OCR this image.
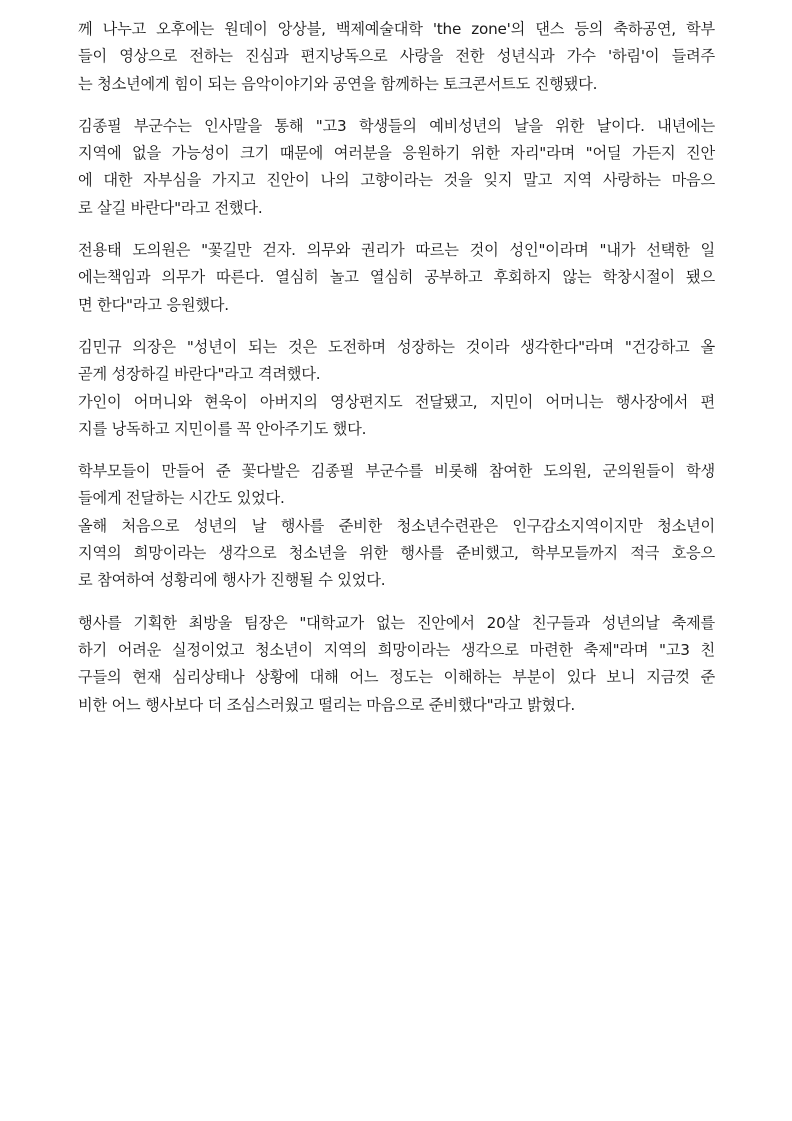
께 나누고 오후에는 원데이 앙상블, 백제예술대학 'the zone'의 댄스 등의 축하공연, 학부
들이 영상으로 전하는 진심과 편지낭독으로 사랑을 전한 성년식과 가수 '하림'이 들려주
는 청소년에게 힘이 되는 음악이야기와 공연을 함께하는 토크콘서트도 진행됐다.
김종필 부군수는 인사말을 통해 "고3 학생들의 예비성년의 날을 위한 날이다. 내년에는
지역에 없을 가능성이 크기 때문에 여러분을 응원하기 위한 자리"라며 "어딜 가든지 진안
에 대한 자부심을 가지고 진안이 나의 고향이라는 것을 잊지 말고 지역 사랑하는 마음으
로 살길 바란다"라고 전했다.
전용태 도의원은 "꽃길만 걷자. 의무와 권리가 따르는 것이 성인"이라며 "내가 선택한 일
에는책임과 의무가 따른다. 열심히 놀고 열심히 공부하고 후회하지 않는 학창시절이 됐으
면 한다"라고 응원했다.
김민규 의장은 "성년이 되는 것은 도전하며 성장하는 것이라 생각한다"라며 "건강하고 올
곧게 성장하길 바란다"라고 격려했다.
가인이 어머니와 현욱이 아버지의 영상편지도 전달됐고, 지민이 어머니는 행사장에서 편
지를 낭독하고 지민이를 꼭 안아주기도 했다.
학부모들이 만들어 준 꽃다발은 김종필 부군수를 비롯해 참여한 도의원, 군의원들이 학생
들에게 전달하는 시간도 있었다.
올해 처음으로 성년의 날 행사를 준비한 청소년수련관은 인구감소지역이지만 청소년이
지역의 희망이라는 생각으로 청소년을 위한 행사를 준비했고, 학부모들까지 적극 호응으
로 참여하여 성황리에 행사가 진행될 수 있었다.
행사를 기획한 최방울 팀장은 "대학교가 없는 진안에서 20살 친구들과 성년의날 축제를
하기 어려운 실정이었고 청소년이 지역의 희망이라는 생각으로 마련한 축제"라며 "고3 친
구들의 현재 심리상태나 상황에 대해 어느 정도는 이해하는 부분이 있다 보니 지금껏 준
비한 어느 행사보다 더 조심스러웠고 떨리는 마음으로 준비했다"라고 밝혔다.
